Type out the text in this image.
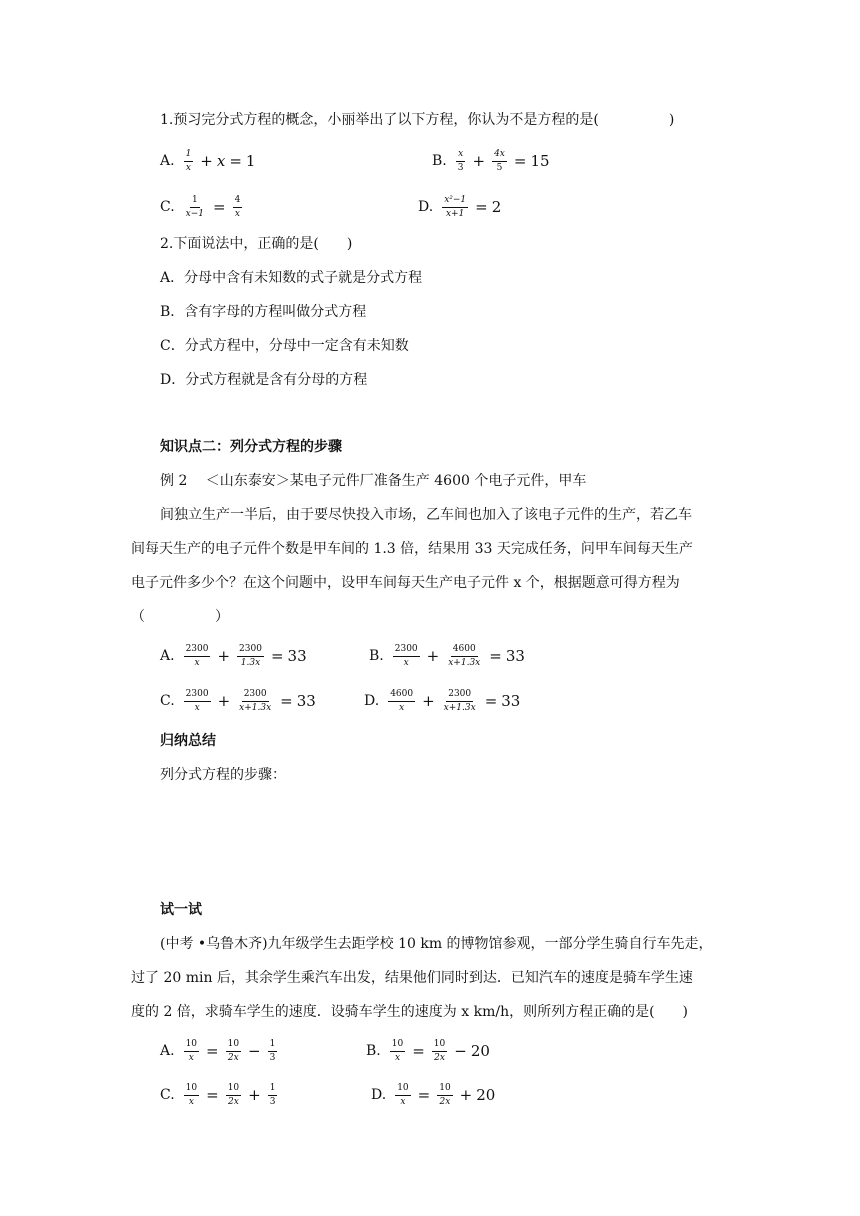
1.预习完分式方程的概念，小丽举出了以下方程，你认为不是方程的是(　　　　　)
A. $\frac{1}{x} + x = 1$	B. $\frac{x}{3} + \frac{4x}{5} = 15$
C. $\frac{1}{x-1} = \frac{4}{x}$	D. $\frac{\text{x²−1}}{x+1} = 2$
2.下面说法中，正确的是(　　)
A．分母中含有未知数的式子就是分式方程
B．含有字母的方程叫做分式方程
C．分式方程中，分母中一定含有未知数
D．分式方程就是含有分母的方程
知识点二：列分式方程的步骤
例 2　 ＜山东泰安＞某电子元件厂准备生产 4600 个电子元件，甲车
间独立生产一半后，由于要尽快投入市场，乙车间也加入了该电子元件的生产，若乙车
间每天生产的电子元件个数是甲车间的 1.3 倍，结果用 33 天完成任务，问甲车间每天生产
电子元件多少个？在这个问题中，设甲车间每天生产电子元件 x 个，根据题意可得方程为
（　　　　　）
A. $\frac{2300}{x} + \frac{2300}{1.3x} = 33$	B. $\frac{2300}{x} + \frac{4600}{x+1.3x} = 33$
C. $\frac{2300}{x} + \frac{2300}{x+1.3x} = 33$	D. $\frac{4600}{x} + \frac{2300}{x+1.3x} = 33$
归纳总结
列分式方程的步骤：
试一试
(中考 •乌鲁木齐)九年级学生去距学校 10 km 的博物馆参观，一部分学生骑自行车先走，
过了 20 min 后，其余学生乘汽车出发，结果他们同时到达．已知汽车的速度是骑车学生速
度的 2 倍，求骑车学生的速度．设骑车学生的速度为 x km/h，则所列方程正确的是(　　)
A. $\frac{10}{x} = \frac{10}{2x} - \frac{1}{3}$	B. $\frac{10}{x} = \frac{10}{2x} - 20$
C. $\frac{10}{x} = \frac{10}{2x} + \frac{1}{3}$	D. $\frac{10}{x} = \frac{10}{2x} + 20$
